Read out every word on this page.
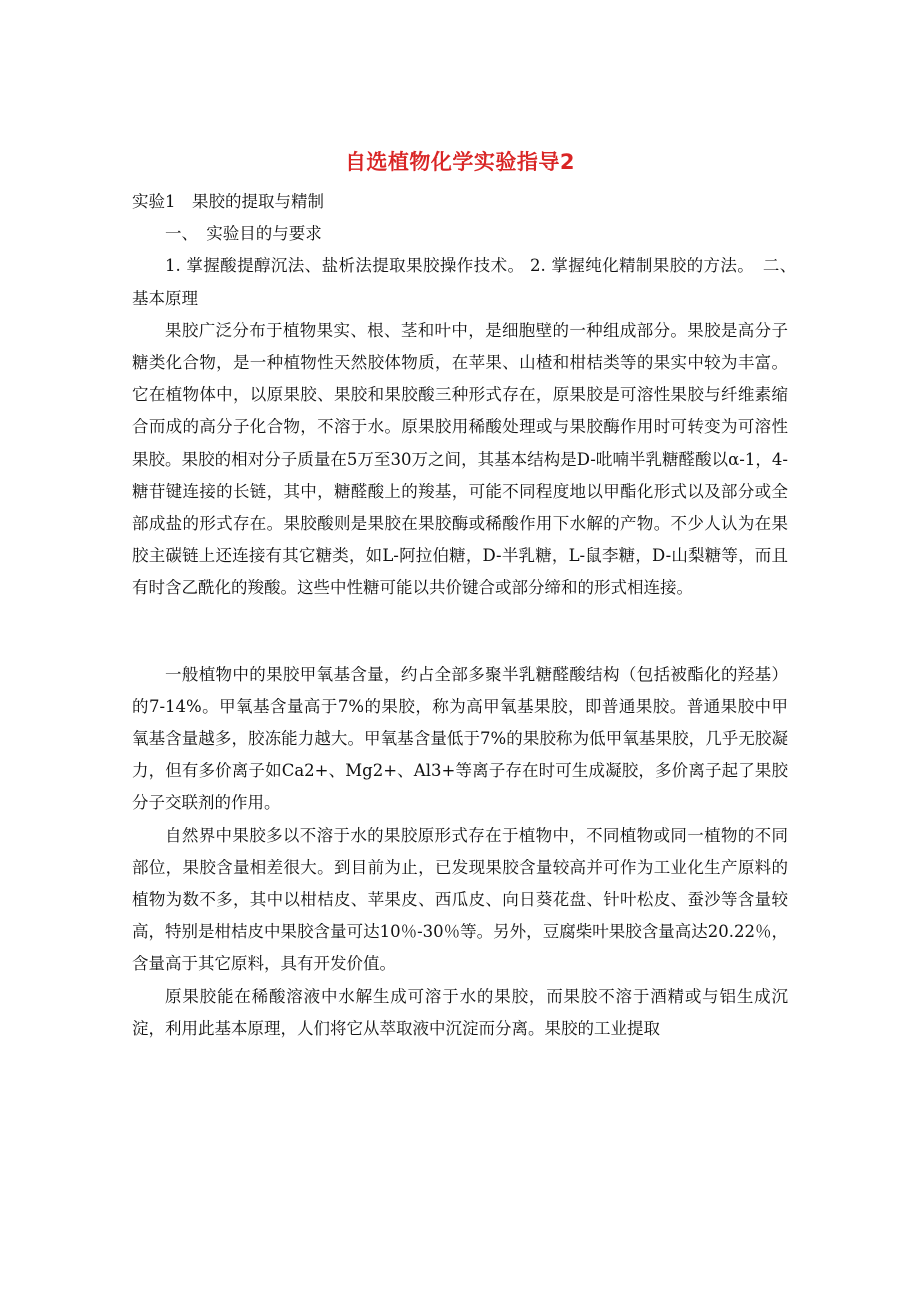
自选植物化学实验指导2

实验1　果胶的提取与精制

一、　实验目的与要求

1. 掌握酸提醇沉法、盐析法提取果胶操作技术。 2. 掌握纯化精制果胶的方法。　二、　基本原理

果胶广泛分布于植物果实、根、茎和叶中，是细胞壁的一种组成部分。果胶是高分子糖类化合物，是一种植物性天然胶体物质，在苹果、山楂和柑桔类等的果实中较为丰富。它在植物体中，以原果胶、果胶和果胶酸三种形式存在，原果胶是可溶性果胶与纤维素缩合而成的高分子化合物，不溶于水。原果胶用稀酸处理或与果胶酶作用时可转变为可溶性果胶。果胶的相对分子质量在5万至30万之间，其基本结构是D-吡喃半乳糖醛酸以α-1，4-糖苷键连接的长链，其中，糖醛酸上的羧基，可能不同程度地以甲酯化形式以及部分或全部成盐的形式存在。果胶酸则是果胶在果胶酶或稀酸作用下水解的产物。不少人认为在果胶主碳链上还连接有其它糖类，如L-阿拉伯糖，D-半乳糖，L-鼠李糖，D-山梨糖等，而且有时含乙酰化的羧酸。这些中性糖可能以共价键合或部分缔和的形式相连接。

一般植物中的果胶甲氧基含量，约占全部多聚半乳糖醛酸结构（包括被酯化的羟基）的7-14%。甲氧基含量高于7%的果胶，称为高甲氧基果胶，即普通果胶。普通果胶中甲氧基含量越多，胶冻能力越大。甲氧基含量低于7%的果胶称为低甲氧基果胶，几乎无胶凝力，但有多价离子如Ca2+、Mg2+、Al3+等离子存在时可生成凝胶，多价离子起了果胶分子交联剂的作用。

自然界中果胶多以不溶于水的果胶原形式存在于植物中，不同植物或同一植物的不同部位，果胶含量相差很大。到目前为止，已发现果胶含量较高并可作为工业化生产原料的植物为数不多，其中以柑桔皮、苹果皮、西瓜皮、向日葵花盘、针叶松皮、蚕沙等含量较高，特别是柑桔皮中果胶含量可达10％-30％等。另外，豆腐柴叶果胶含量高达20.22％，含量高于其它原料，具有开发价值。

原果胶能在稀酸溶液中水解生成可溶于水的果胶，而果胶不溶于酒精或与铝生成沉淀，利用此基本原理，人们将它从萃取液中沉淀而分离。果胶的工业提取
